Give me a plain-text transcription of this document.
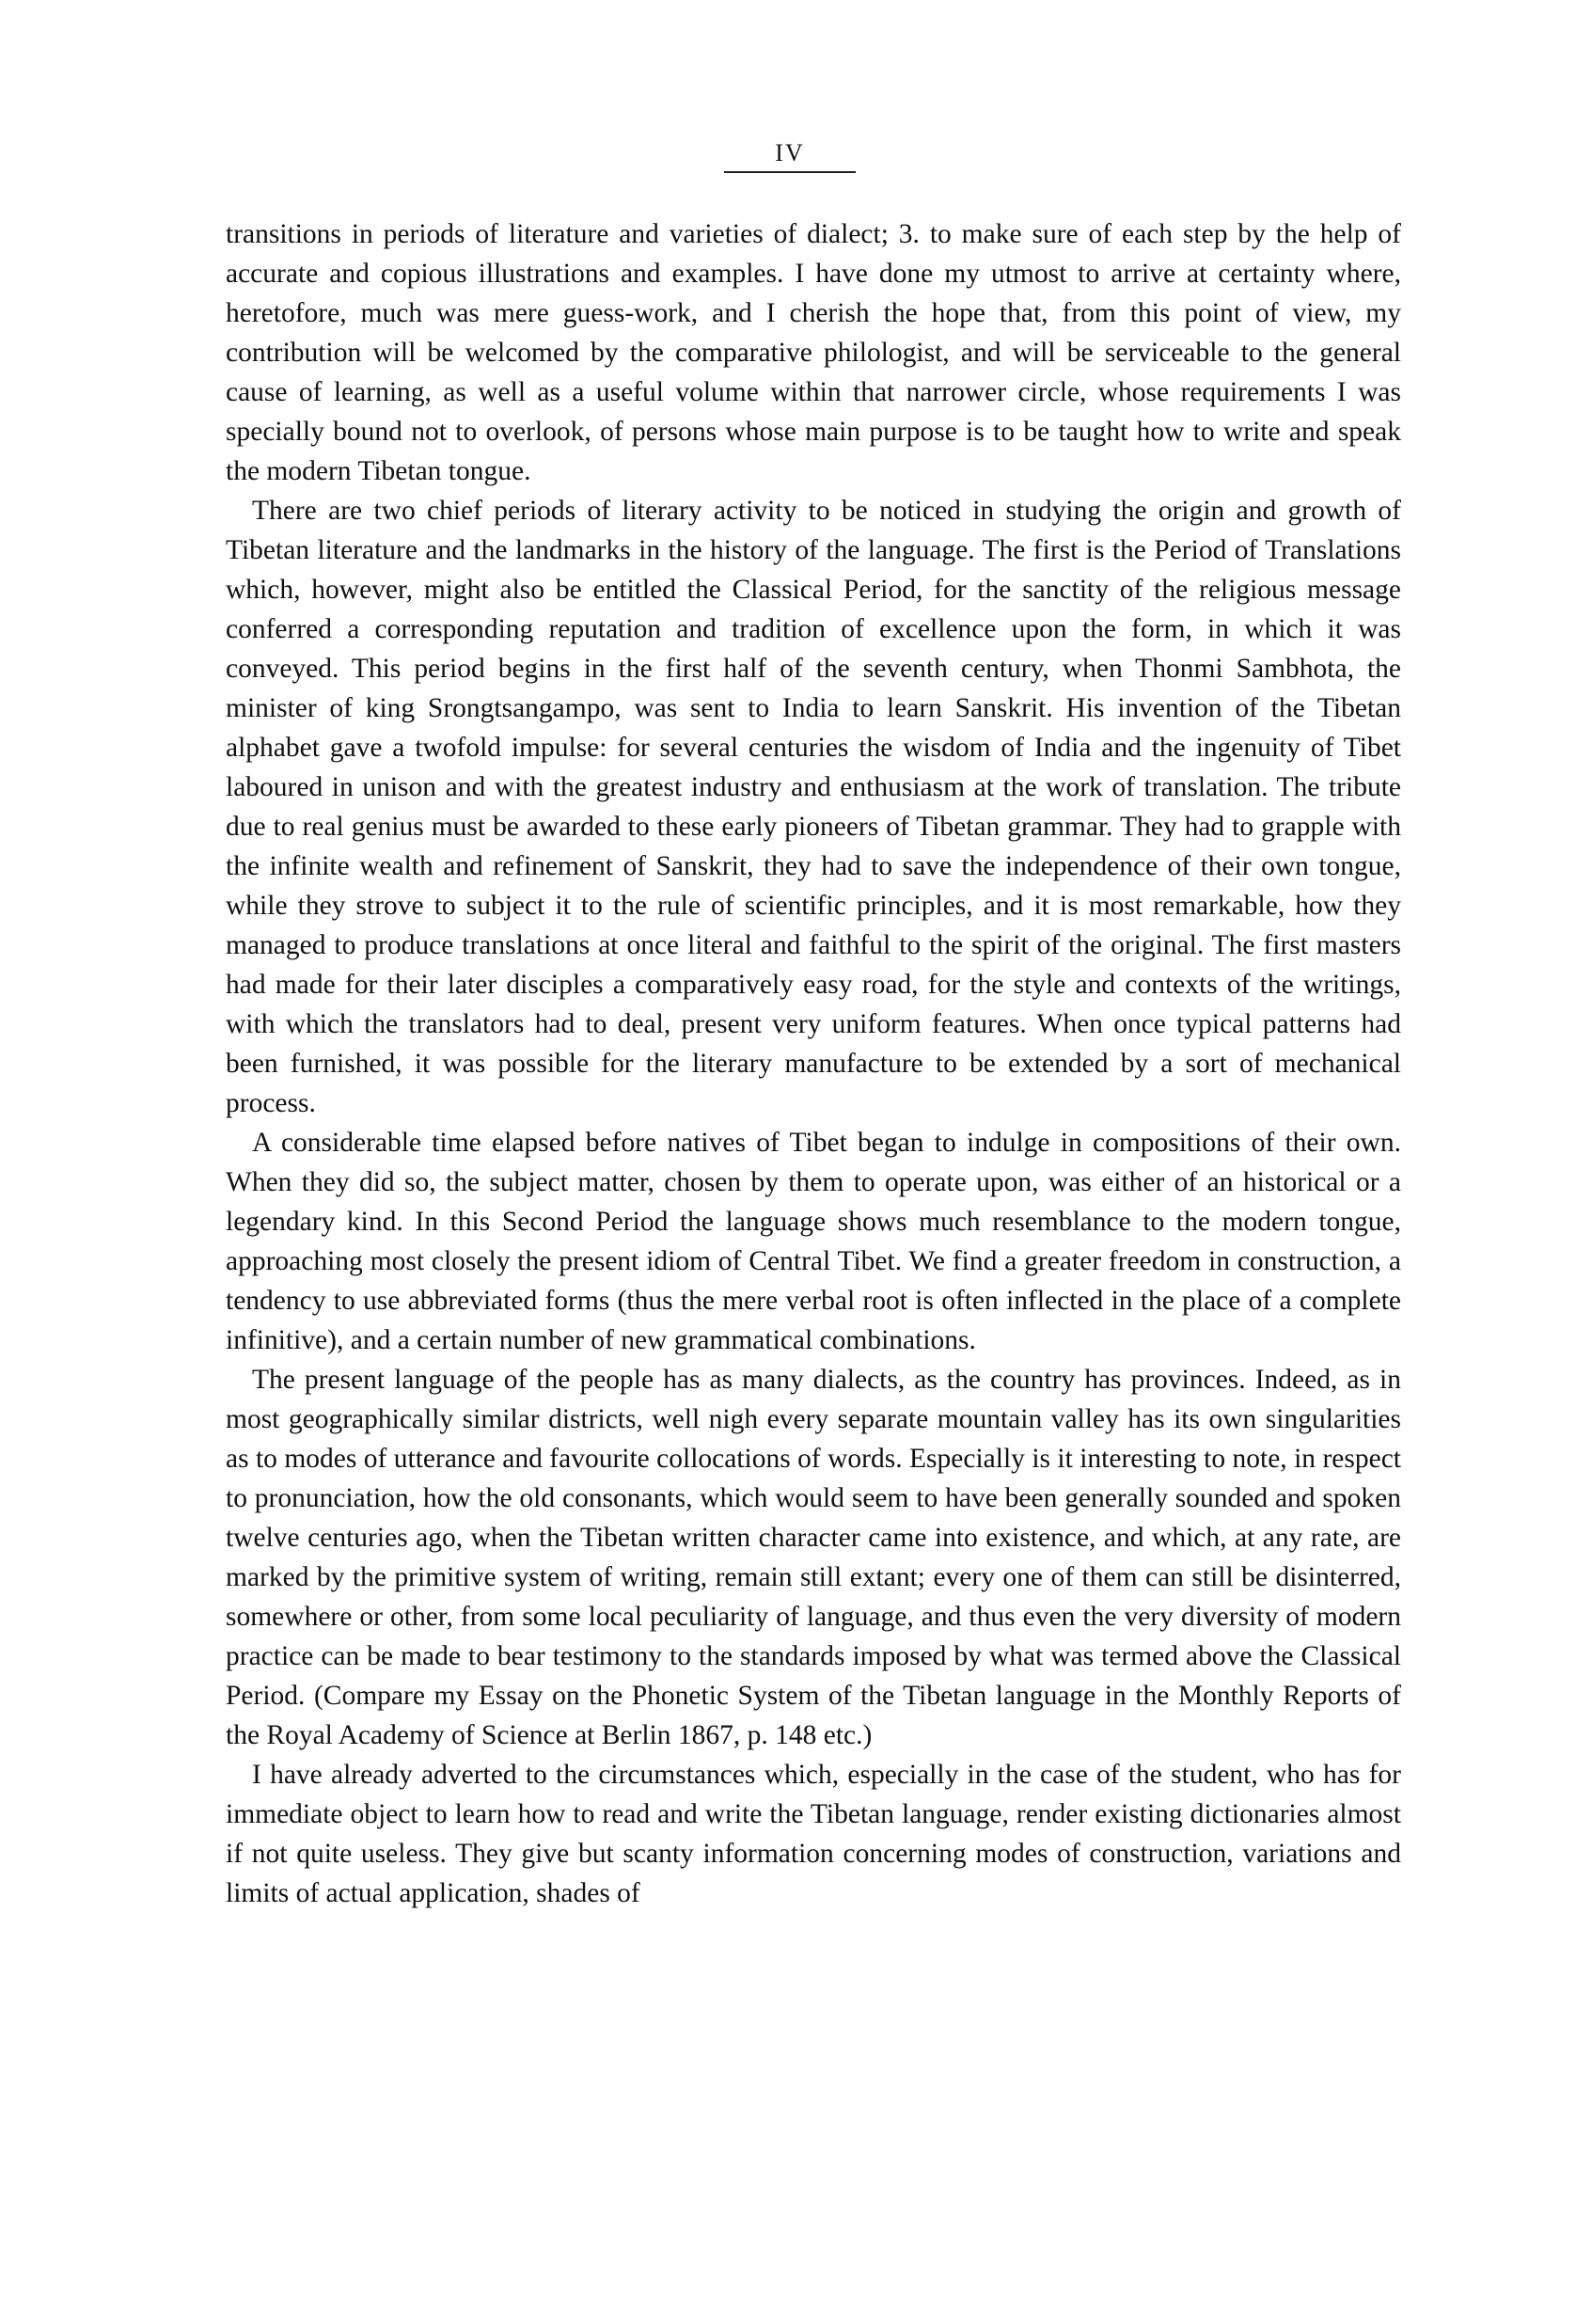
IV

transitions in periods of literature and varieties of dialect; 3. to make sure of each step by the help of accurate and copious illustrations and examples. I have done my utmost to arrive at certainty where, heretofore, much was mere guess-work, and I cherish the hope that, from this point of view, my contribution will be welcomed by the comparative philologist, and will be serviceable to the general cause of learning, as well as a useful volume within that narrower circle, whose requirements I was specially bound not to overlook, of persons whose main purpose is to be taught how to write and speak the modern Tibetan tongue.

There are two chief periods of literary activity to be noticed in studying the origin and growth of Tibetan literature and the landmarks in the history of the language. The first is the Period of Translations which, however, might also be entitled the Classical Period, for the sanctity of the religious message conferred a corresponding reputation and tradition of excellence upon the form, in which it was conveyed. This period begins in the first half of the seventh century, when Thonmi Sambhota, the minister of king Srongtsangampo, was sent to India to learn Sanskrit. His invention of the Tibetan alphabet gave a twofold impulse: for several centuries the wisdom of India and the ingenuity of Tibet laboured in unison and with the greatest industry and enthusiasm at the work of translation. The tribute due to real genius must be awarded to these early pioneers of Tibetan grammar. They had to grapple with the infinite wealth and refinement of Sanskrit, they had to save the independence of their own tongue, while they strove to subject it to the rule of scientific principles, and it is most remarkable, how they managed to produce translations at once literal and faithful to the spirit of the original. The first masters had made for their later disciples a comparatively easy road, for the style and contexts of the writings, with which the translators had to deal, present very uniform features. When once typical patterns had been furnished, it was possible for the literary manufacture to be extended by a sort of mechanical process.

A considerable time elapsed before natives of Tibet began to indulge in compositions of their own. When they did so, the subject matter, chosen by them to operate upon, was either of an historical or a legendary kind. In this Second Period the language shows much resemblance to the modern tongue, approaching most closely the present idiom of Central Tibet. We find a greater freedom in construction, a tendency to use abbreviated forms (thus the mere verbal root is often inflected in the place of a complete infinitive), and a certain number of new grammatical combinations.

The present language of the people has as many dialects, as the country has provinces. Indeed, as in most geographically similar districts, well nigh every separate mountain valley has its own singularities as to modes of utterance and favourite collocations of words. Especially is it interesting to note, in respect to pronunciation, how the old consonants, which would seem to have been generally sounded and spoken twelve centuries ago, when the Tibetan written character came into existence, and which, at any rate, are marked by the primitive system of writing, remain still extant; every one of them can still be disinterred, somewhere or other, from some local peculiarity of language, and thus even the very diversity of modern practice can be made to bear testimony to the standards imposed by what was termed above the Classical Period. (Compare my Essay on the Phonetic System of the Tibetan language in the Monthly Reports of the Royal Academy of Science at Berlin 1867, p. 148 etc.)

I have already adverted to the circumstances which, especially in the case of the student, who has for immediate object to learn how to read and write the Tibetan language, render existing dictionaries almost if not quite useless. They give but scanty information concerning modes of construction, variations and limits of actual application, shades of
